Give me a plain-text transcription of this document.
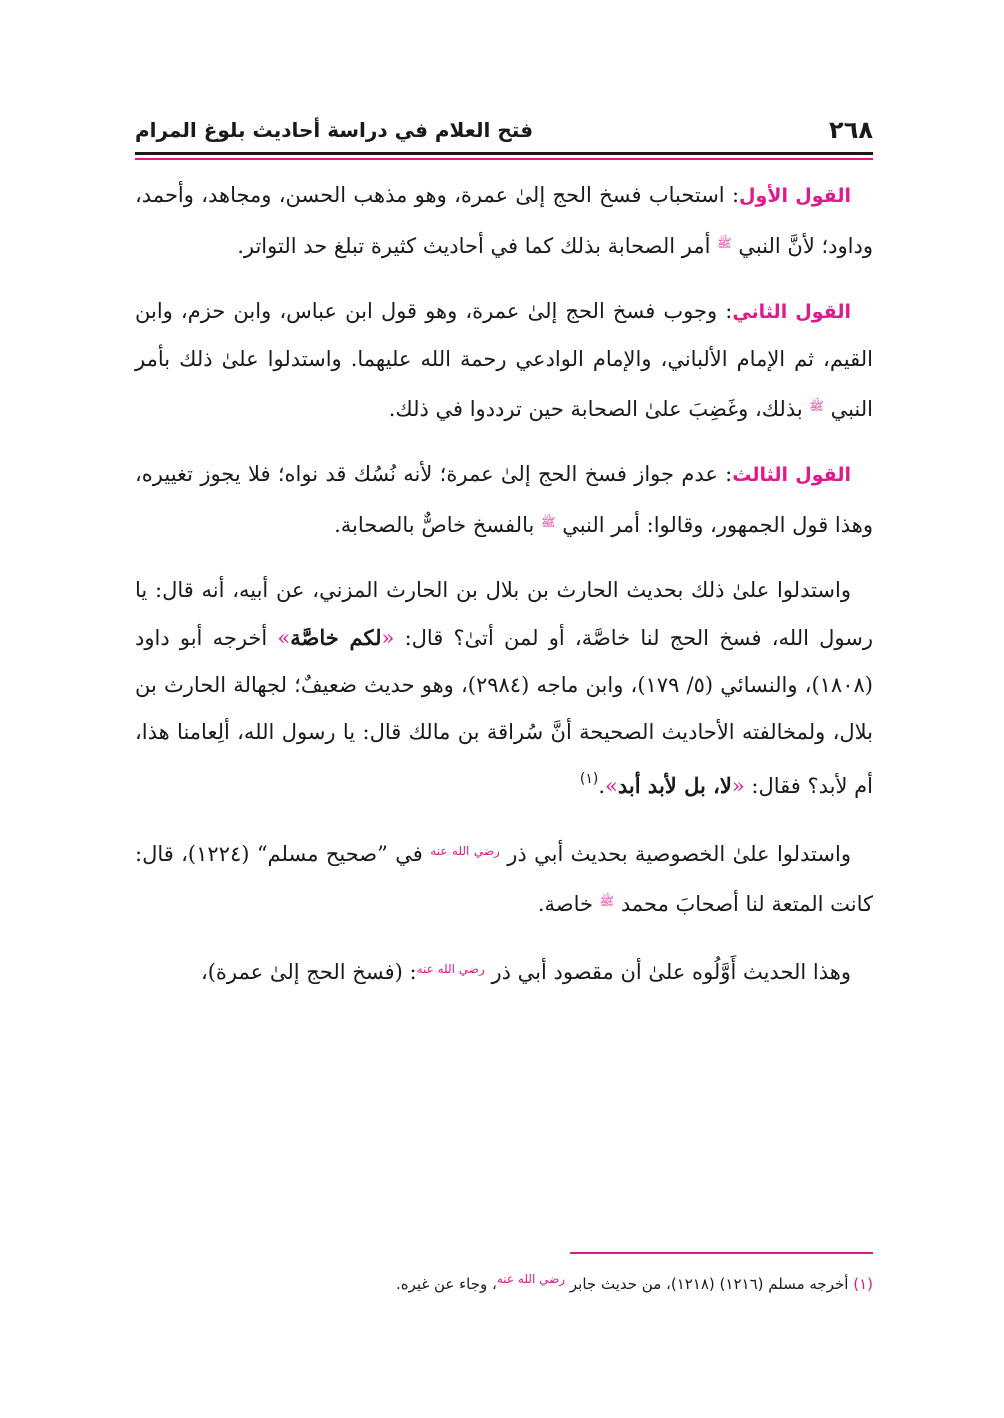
٢٦٨
فتح العلام في دراسة أحاديث بلوغ المرام

القول الأول: استحباب فسخ الحج إلىٰ عمرة، وهو مذهب الحسن، ومجاهد، وأحمد، وداود؛ لأنَّ النبي $^ﷺ$ أمر الصحابة بذلك كما في أحاديث كثيرة تبلغ حد التواتر.

القول الثاني: وجوب فسخ الحج إلىٰ عمرة، وهو قول ابن عباس، وابن حزم، وابن القيم، ثم الإمام الألباني، والإمام الوادعي رحمة الله عليهما. واستدلوا علىٰ ذلك بأمر النبي $^ﷺ$ بذلك، وغَضِبَ علىٰ الصحابة حين ترددوا في ذلك.

القول الثالث: عدم جواز فسخ الحج إلىٰ عمرة؛ لأنه نُسُك قد نواه؛ فلا يجوز تغييره، وهذا قول الجمهور، وقالوا: أمر النبي $^ﷺ$ بالفسخ خاصٌّ بالصحابة.

واستدلوا علىٰ ذلك بحديث الحارث بن بلال بن الحارث المزني، عن أبيه، أنه قال: يا رسول الله، فسخ الحج لنا خاصَّة، أو لمن أتىٰ؟ قال: «لكم خاصَّة» أخرجه أبو داود (١٨٠٨)، والنسائي (٥/ ١٧٩)، وابن ماجه (٢٩٨٤)، وهو حديث ضعيفٌ؛ لجهالة الحارث بن بلال، ولمخالفته الأحاديث الصحيحة أنَّ سُراقة بن مالك قال: يا رسول الله، ألِعامنا هذا، أم لأبد؟ فقال: «لا، بل لأبد أبد».$^{(١)}$

واستدلوا علىٰ الخصوصية بحديث أبي ذر $^{رضي الله عنه}$ في ”صحيح مسلم“ (١٢٢٤)، قال: كانت المتعة لنا أصحابَ محمد $^ﷺ$ خاصة.

وهذا الحديث أَوَّلُوه علىٰ أن مقصود أبي ذر $^{رضي الله عنه}$: (فسخ الحج إلىٰ عمرة)،

(١) أخرجه مسلم (١٢١٦) (١٢١٨)، من حديث جابر $^{رضي الله عنه}$، وجاء عن غيره.
